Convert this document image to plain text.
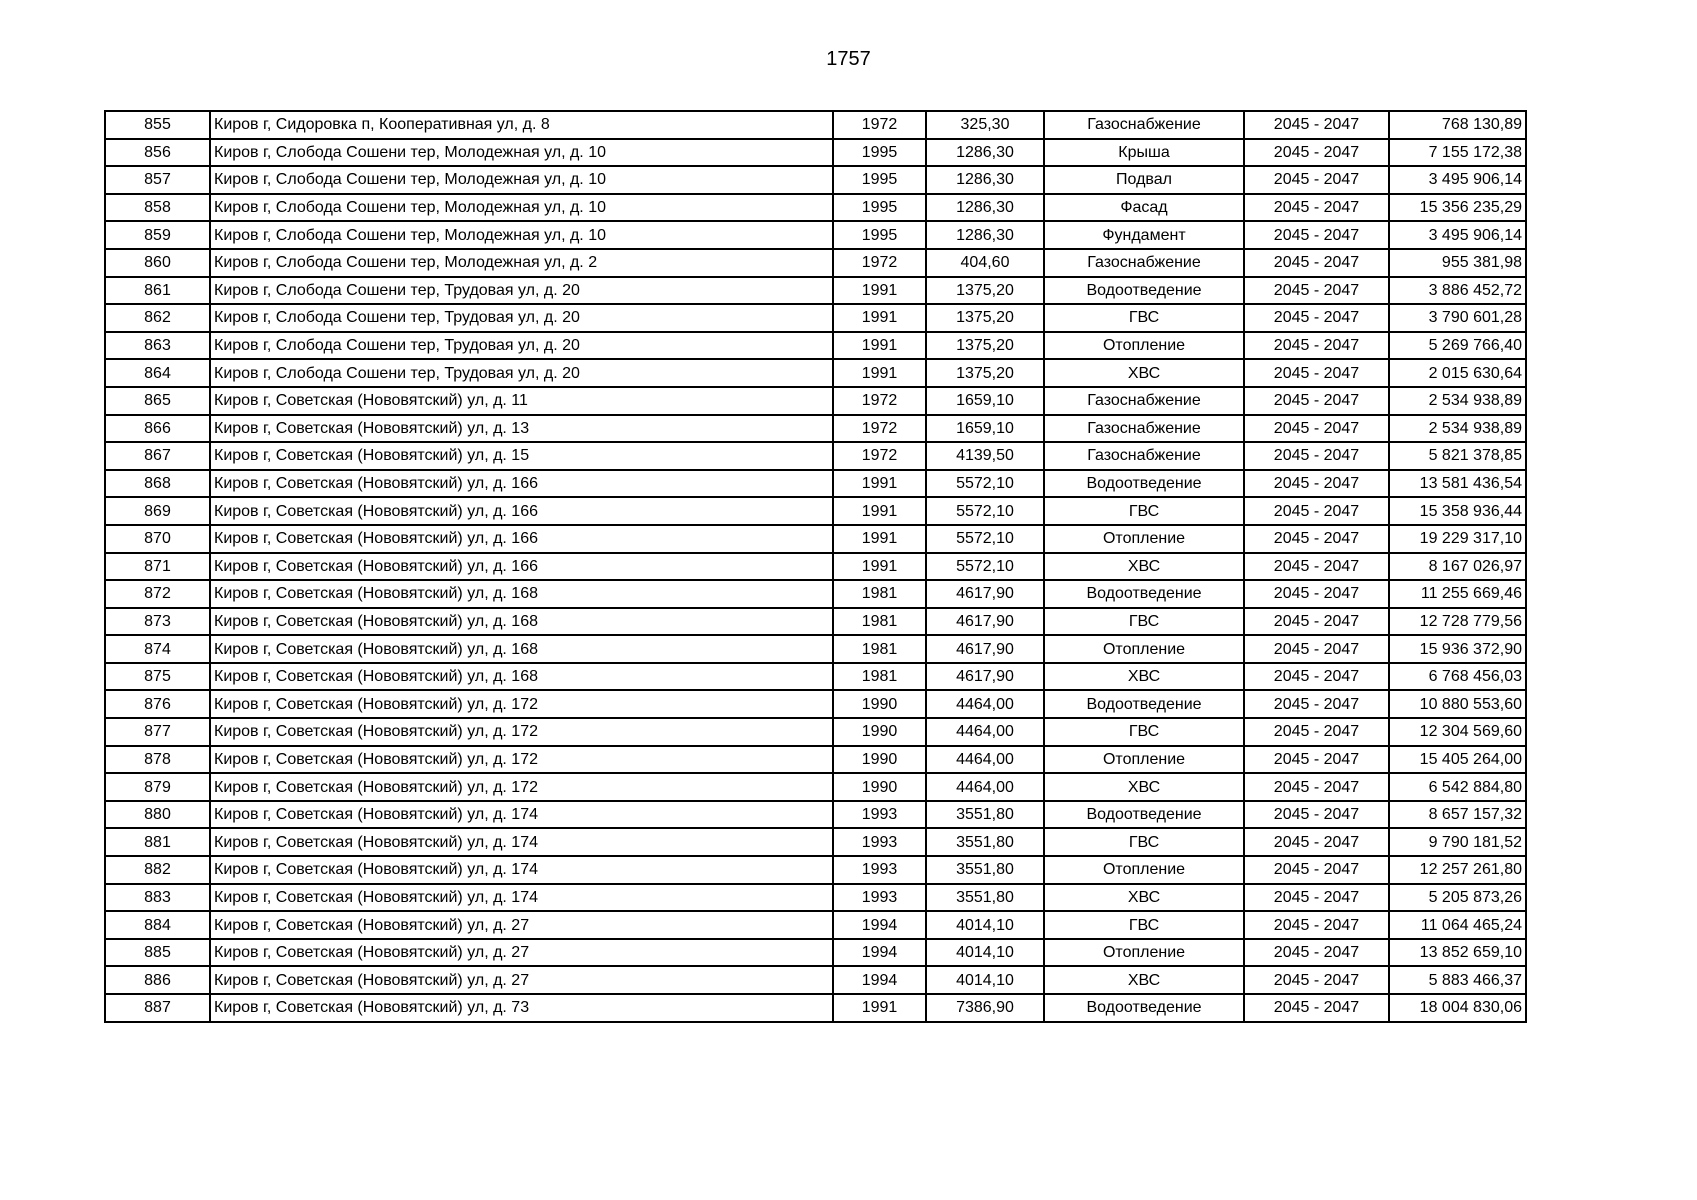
1757
855	Киров г, Сидоровка п, Кооперативная ул, д. 8	1972	325,30	Газоснабжение	2045 - 2047	768 130,89
856	Киров г, Слобода Сошени тер, Молодежная ул, д. 10	1995	1286,30	Крыша	2045 - 2047	7 155 172,38
857	Киров г, Слобода Сошени тер, Молодежная ул, д. 10	1995	1286,30	Подвал	2045 - 2047	3 495 906,14
858	Киров г, Слобода Сошени тер, Молодежная ул, д. 10	1995	1286,30	Фасад	2045 - 2047	15 356 235,29
859	Киров г, Слобода Сошени тер, Молодежная ул, д. 10	1995	1286,30	Фундамент	2045 - 2047	3 495 906,14
860	Киров г, Слобода Сошени тер, Молодежная ул, д. 2	1972	404,60	Газоснабжение	2045 - 2047	955 381,98
861	Киров г, Слобода Сошени тер, Трудовая ул, д. 20	1991	1375,20	Водоотведение	2045 - 2047	3 886 452,72
862	Киров г, Слобода Сошени тер, Трудовая ул, д. 20	1991	1375,20	ГВС	2045 - 2047	3 790 601,28
863	Киров г, Слобода Сошени тер, Трудовая ул, д. 20	1991	1375,20	Отопление	2045 - 2047	5 269 766,40
864	Киров г, Слобода Сошени тер, Трудовая ул, д. 20	1991	1375,20	ХВС	2045 - 2047	2 015 630,64
865	Киров г, Советская (Нововятский) ул, д. 11	1972	1659,10	Газоснабжение	2045 - 2047	2 534 938,89
866	Киров г, Советская (Нововятский) ул, д. 13	1972	1659,10	Газоснабжение	2045 - 2047	2 534 938,89
867	Киров г, Советская (Нововятский) ул, д. 15	1972	4139,50	Газоснабжение	2045 - 2047	5 821 378,85
868	Киров г, Советская (Нововятский) ул, д. 166	1991	5572,10	Водоотведение	2045 - 2047	13 581 436,54
869	Киров г, Советская (Нововятский) ул, д. 166	1991	5572,10	ГВС	2045 - 2047	15 358 936,44
870	Киров г, Советская (Нововятский) ул, д. 166	1991	5572,10	Отопление	2045 - 2047	19 229 317,10
871	Киров г, Советская (Нововятский) ул, д. 166	1991	5572,10	ХВС	2045 - 2047	8 167 026,97
872	Киров г, Советская (Нововятский) ул, д. 168	1981	4617,90	Водоотведение	2045 - 2047	11 255 669,46
873	Киров г, Советская (Нововятский) ул, д. 168	1981	4617,90	ГВС	2045 - 2047	12 728 779,56
874	Киров г, Советская (Нововятский) ул, д. 168	1981	4617,90	Отопление	2045 - 2047	15 936 372,90
875	Киров г, Советская (Нововятский) ул, д. 168	1981	4617,90	ХВС	2045 - 2047	6 768 456,03
876	Киров г, Советская (Нововятский) ул, д. 172	1990	4464,00	Водоотведение	2045 - 2047	10 880 553,60
877	Киров г, Советская (Нововятский) ул, д. 172	1990	4464,00	ГВС	2045 - 2047	12 304 569,60
878	Киров г, Советская (Нововятский) ул, д. 172	1990	4464,00	Отопление	2045 - 2047	15 405 264,00
879	Киров г, Советская (Нововятский) ул, д. 172	1990	4464,00	ХВС	2045 - 2047	6 542 884,80
880	Киров г, Советская (Нововятский) ул, д. 174	1993	3551,80	Водоотведение	2045 - 2047	8 657 157,32
881	Киров г, Советская (Нововятский) ул, д. 174	1993	3551,80	ГВС	2045 - 2047	9 790 181,52
882	Киров г, Советская (Нововятский) ул, д. 174	1993	3551,80	Отопление	2045 - 2047	12 257 261,80
883	Киров г, Советская (Нововятский) ул, д. 174	1993	3551,80	ХВС	2045 - 2047	5 205 873,26
884	Киров г, Советская (Нововятский) ул, д. 27	1994	4014,10	ГВС	2045 - 2047	11 064 465,24
885	Киров г, Советская (Нововятский) ул, д. 27	1994	4014,10	Отопление	2045 - 2047	13 852 659,10
886	Киров г, Советская (Нововятский) ул, д. 27	1994	4014,10	ХВС	2045 - 2047	5 883 466,37
887	Киров г, Советская (Нововятский) ул, д. 73	1991	7386,90	Водоотведение	2045 - 2047	18 004 830,06
